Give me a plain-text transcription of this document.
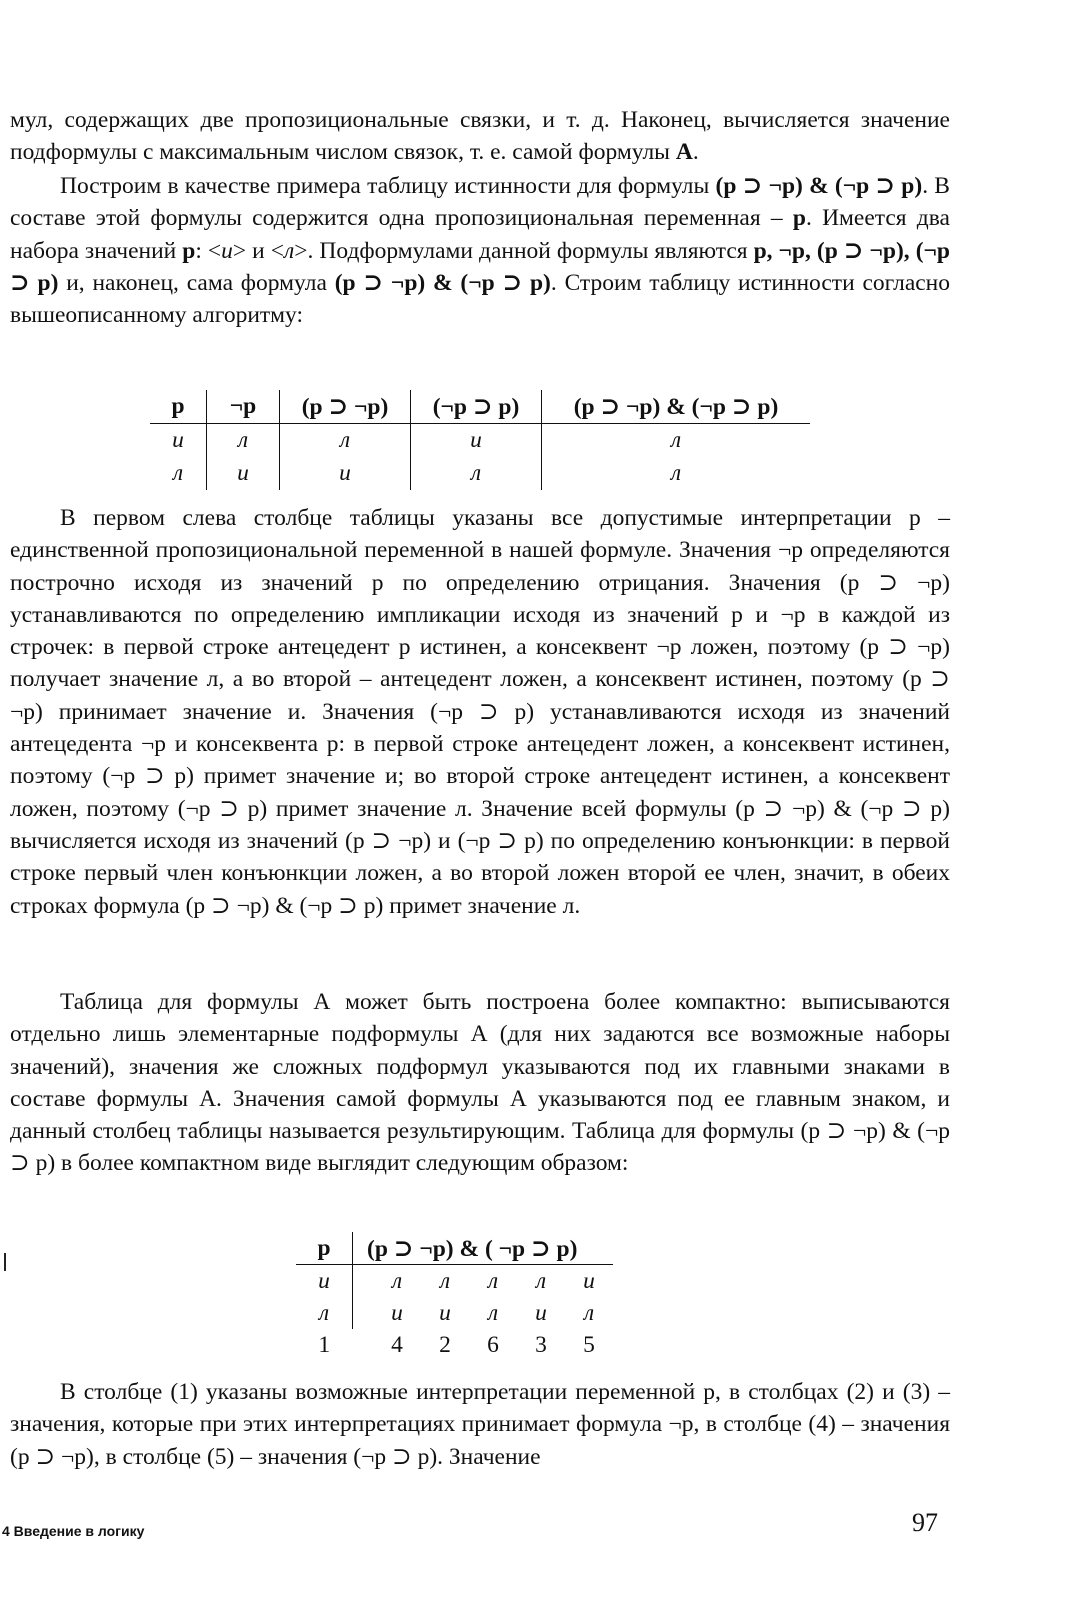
мул, содержащих две пропозициональные связки, и т. д. Наконец, вычисляется значение подформулы с максимальным числом связок, т. е. самой формулы А.

Построим в качестве примера таблицу истинности для формулы (p ⊃ ¬p) & (¬p ⊃ p). В составе этой формулы содержится одна пропозициональная переменная – p. Имеется два набора значений p: <и> и <л>. Подформулами данной формулы являются p, ¬p, (p ⊃ ¬p), (¬p ⊃ p) и, наконец, сама формула (p ⊃ ¬p) & (¬p ⊃ p). Строим таблицу истинности согласно вышеописанному алгоритму:

p	¬p	(p ⊃ ¬p)	(¬p ⊃ p)	(p ⊃ ¬p) & (¬p ⊃ p)
и	л	л	и	л
л	и	и	л	л

В первом слева столбце таблицы указаны все допустимые интерпретации p – единственной пропозициональной переменной в нашей формуле. Значения ¬p определяются построчно исходя из значений p по определению отрицания. Значения (p ⊃ ¬p) устанавливаются по определению импликации исходя из значений p и ¬p в каждой из строчек: в первой строке антецедент p истинен, а консеквент ¬p ложен, поэтому (p ⊃ ¬p) получает значение л, а во второй – антецедент ложен, а консеквент истинен, поэтому (p ⊃ ¬p) принимает значение и. Значения (¬p ⊃ p) устанавливаются исходя из значений антецедента ¬p и консеквента p: в первой строке антецедент ложен, а консеквент истинен, поэтому (¬p ⊃ p) примет значение и; во второй строке антецедент истинен, а консеквент ложен, поэтому (¬p ⊃ p) примет значение л. Значение всей формулы (p ⊃ ¬p) & (¬p ⊃ p) вычисляется исходя из значений (p ⊃ ¬p) и (¬p ⊃ p) по определению конъюнкции: в первой строке первый член конъюнкции ложен, а во второй ложен второй ее член, значит, в обеих строках формула (p ⊃ ¬p) & (¬p ⊃ p) примет значение л.

Таблица для формулы А может быть построена более компактно: выписываются отдельно лишь элементарные подформулы А (для них задаются все возможные наборы значений), значения же сложных подформул указываются под их главными знаками в составе формулы А. Значения самой формулы А указываются под ее главным знаком, и данный столбец таблицы называется результирующим. Таблица для формулы (p ⊃ ¬p) & (¬p ⊃ p) в более компактном виде выглядит следующим образом:

p	(p ⊃ ¬p) & ( ¬p ⊃ p)					
и		л	л	л	л	и
л		и	и	л	и	л
1		4	2	6	3	5

В столбце (1) указаны возможные интерпретации переменной p, в столбцах (2) и (3) – значения, которые при этих интерпретациях принимает формула ¬p, в столбце (4) – значения (p ⊃ ¬p), в столбце (5) – значения (¬p ⊃ p). Значение

4 Введение в логику	97
